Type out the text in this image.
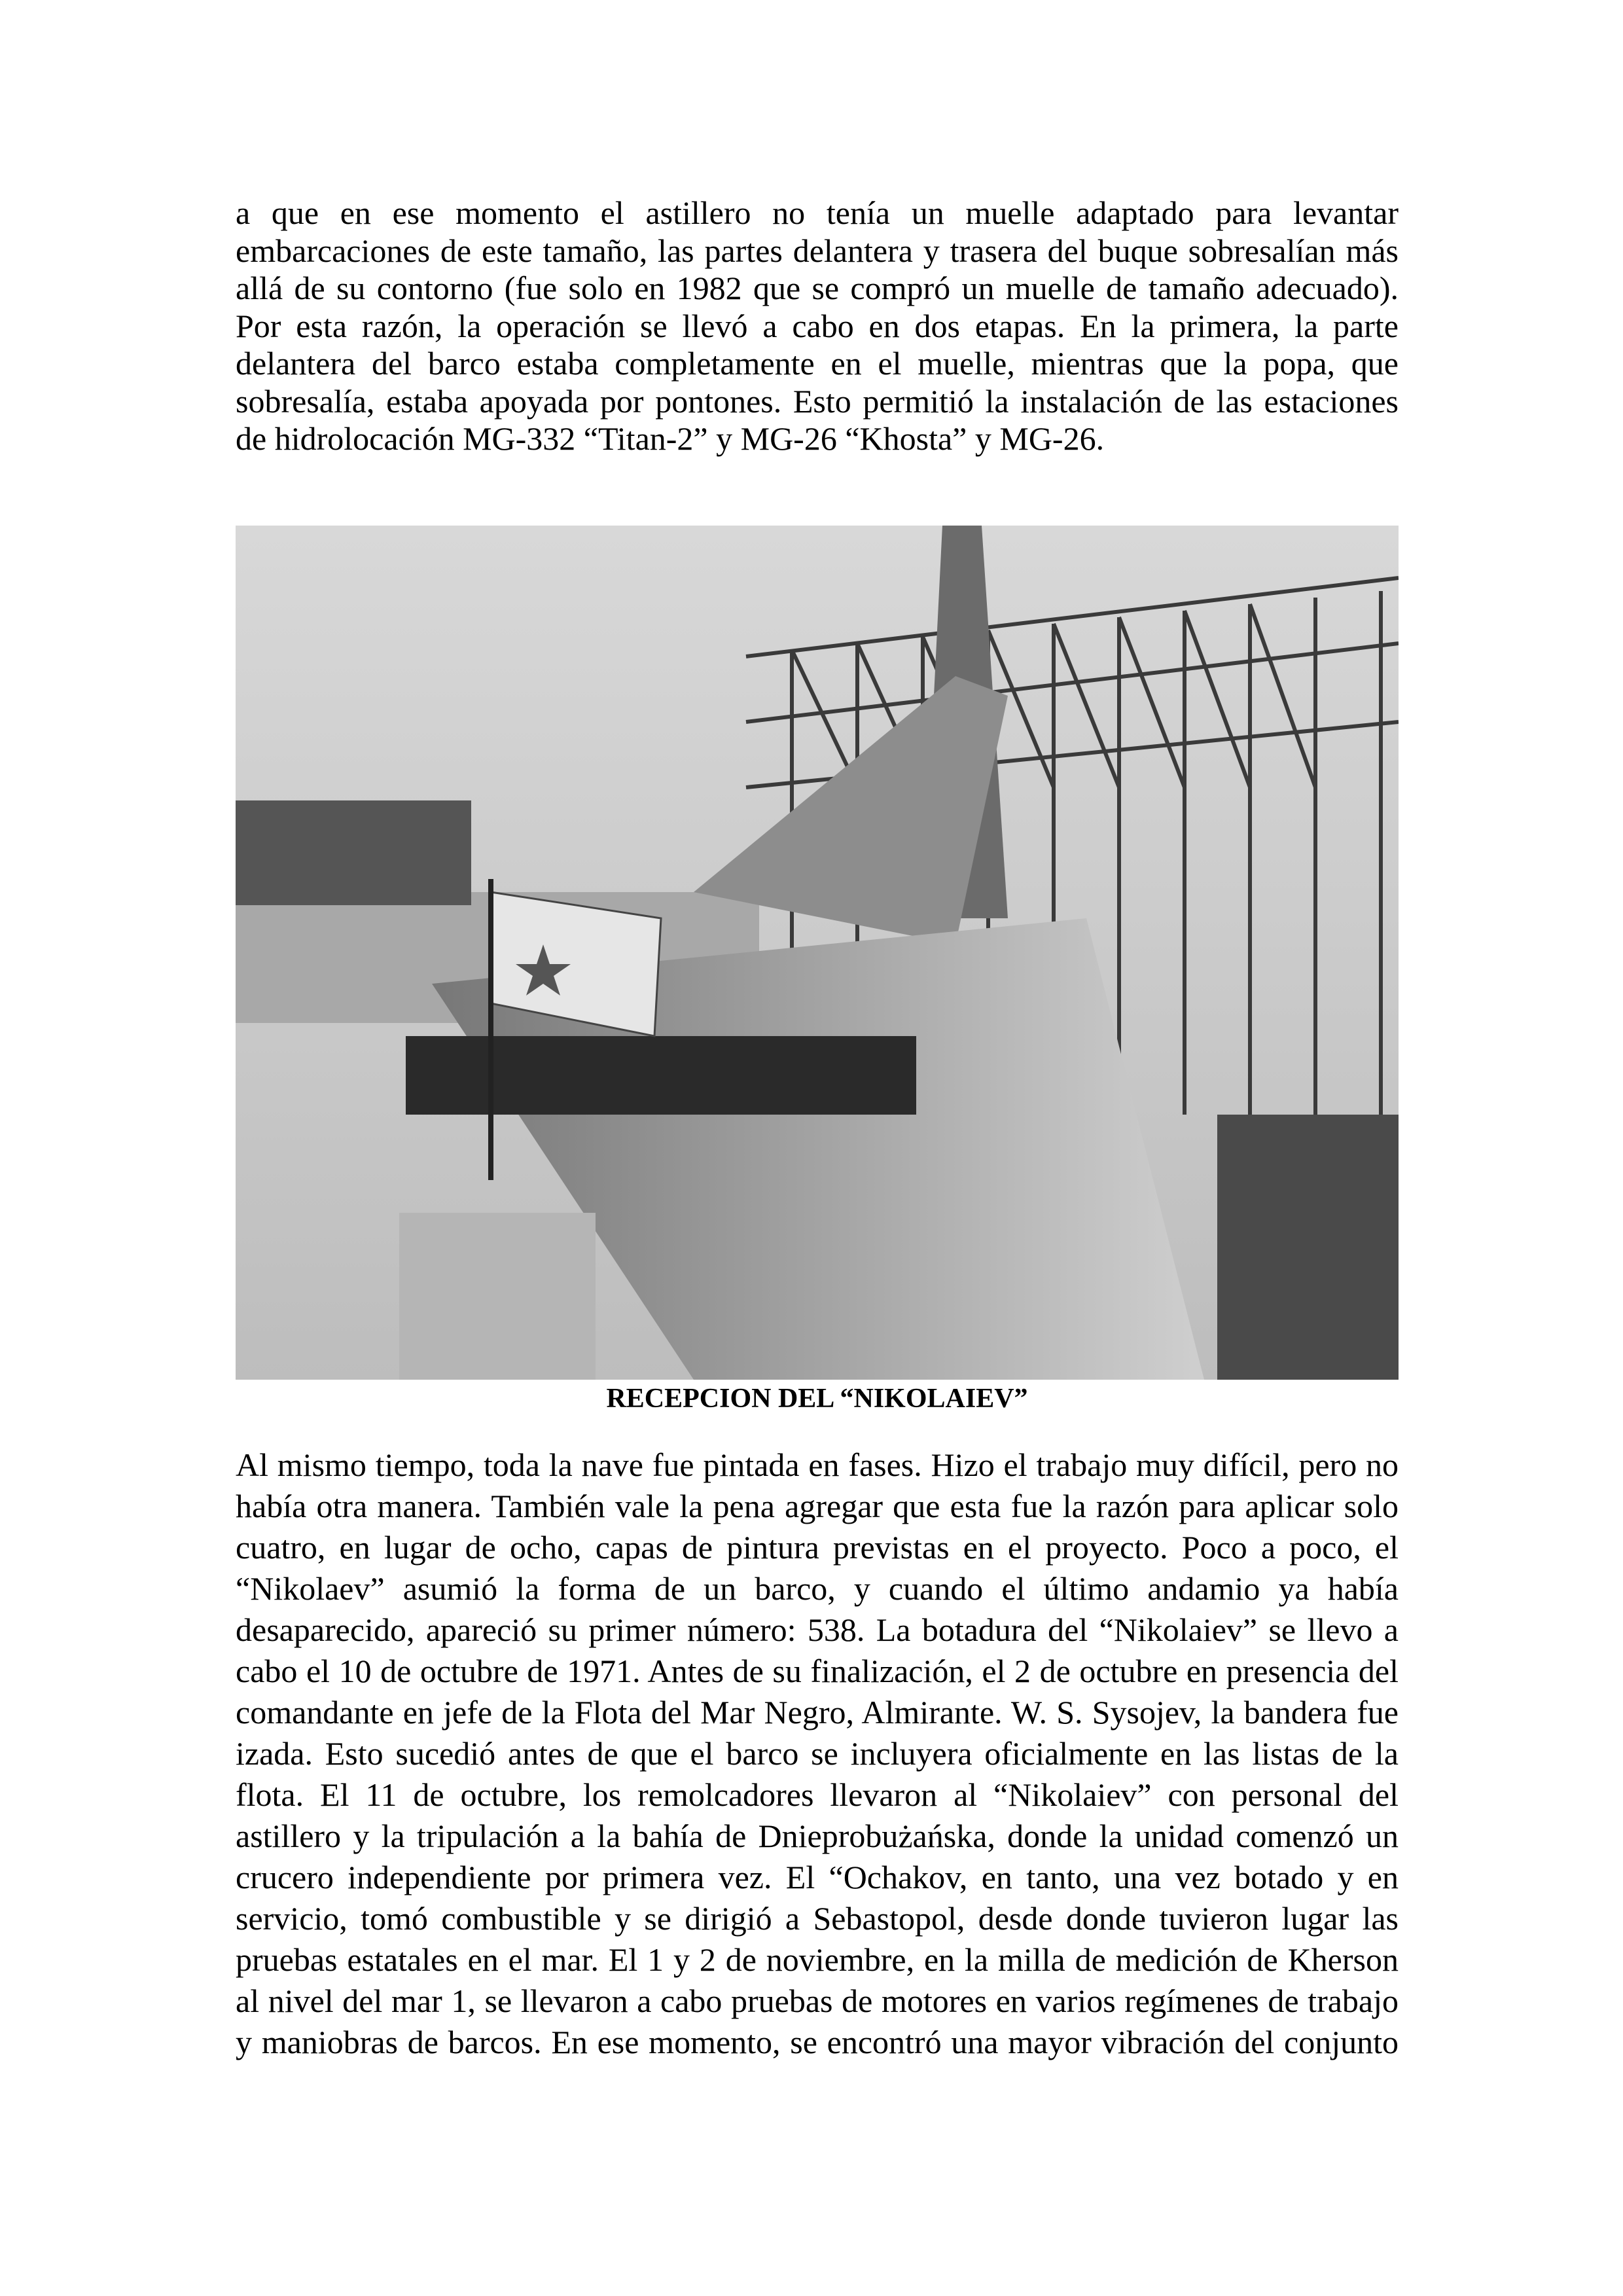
a que en ese momento el astillero no tenía un muelle adaptado para levantar
embarcaciones de este tamaño, las partes delantera y trasera del buque sobresalían más
allá de su contorno (fue solo en 1982 que se compró un muelle de tamaño adecuado).
Por esta razón, la operación se llevó a cabo en dos etapas. En la primera, la parte
delantera del barco estaba completamente en el muelle, mientras que la popa, que
sobresalía, estaba apoyada por pontones. Esto permitió la instalación de las estaciones
de hidrolocación MG-332 “Titan-2” y MG-26 “Khosta” y MG-26.
RECEPCION DEL “NIKOLAIEV”
Al mismo tiempo, toda la nave fue pintada en fases. Hizo el trabajo muy difícil, pero no
había otra manera. También vale la pena agregar que esta fue la razón para aplicar solo
cuatro, en lugar de ocho, capas de pintura previstas en el proyecto. Poco a poco, el
“Nikolaev” asumió la forma de un barco, y cuando el último andamio ya había
desaparecido, apareció su primer número: 538. La botadura del “Nikolaiev” se llevo a
cabo el 10 de octubre de 1971. Antes de su finalización, el 2 de octubre en presencia del
comandante en jefe de la Flota del Mar Negro, Almirante. W. S. Sysojev, la bandera fue
izada. Esto sucedió antes de que el barco se incluyera oficialmente en las listas de la
flota. El 11 de octubre, los remolcadores llevaron al “Nikolaiev” con personal del
astillero y la tripulación a la bahía de Dnieprobużańska, donde la unidad comenzó un
crucero independiente por primera vez. El “Ochakov, en tanto, una vez botado y en
servicio, tomó combustible y se dirigió a Sebastopol, desde donde tuvieron lugar las
pruebas estatales en el mar. El 1 y 2 de noviembre, en la milla de medición de Kherson
al nivel del mar 1, se llevaron a cabo pruebas de motores en varios regímenes de trabajo
y maniobras de barcos. En ese momento, se encontró una mayor vibración del conjunto
